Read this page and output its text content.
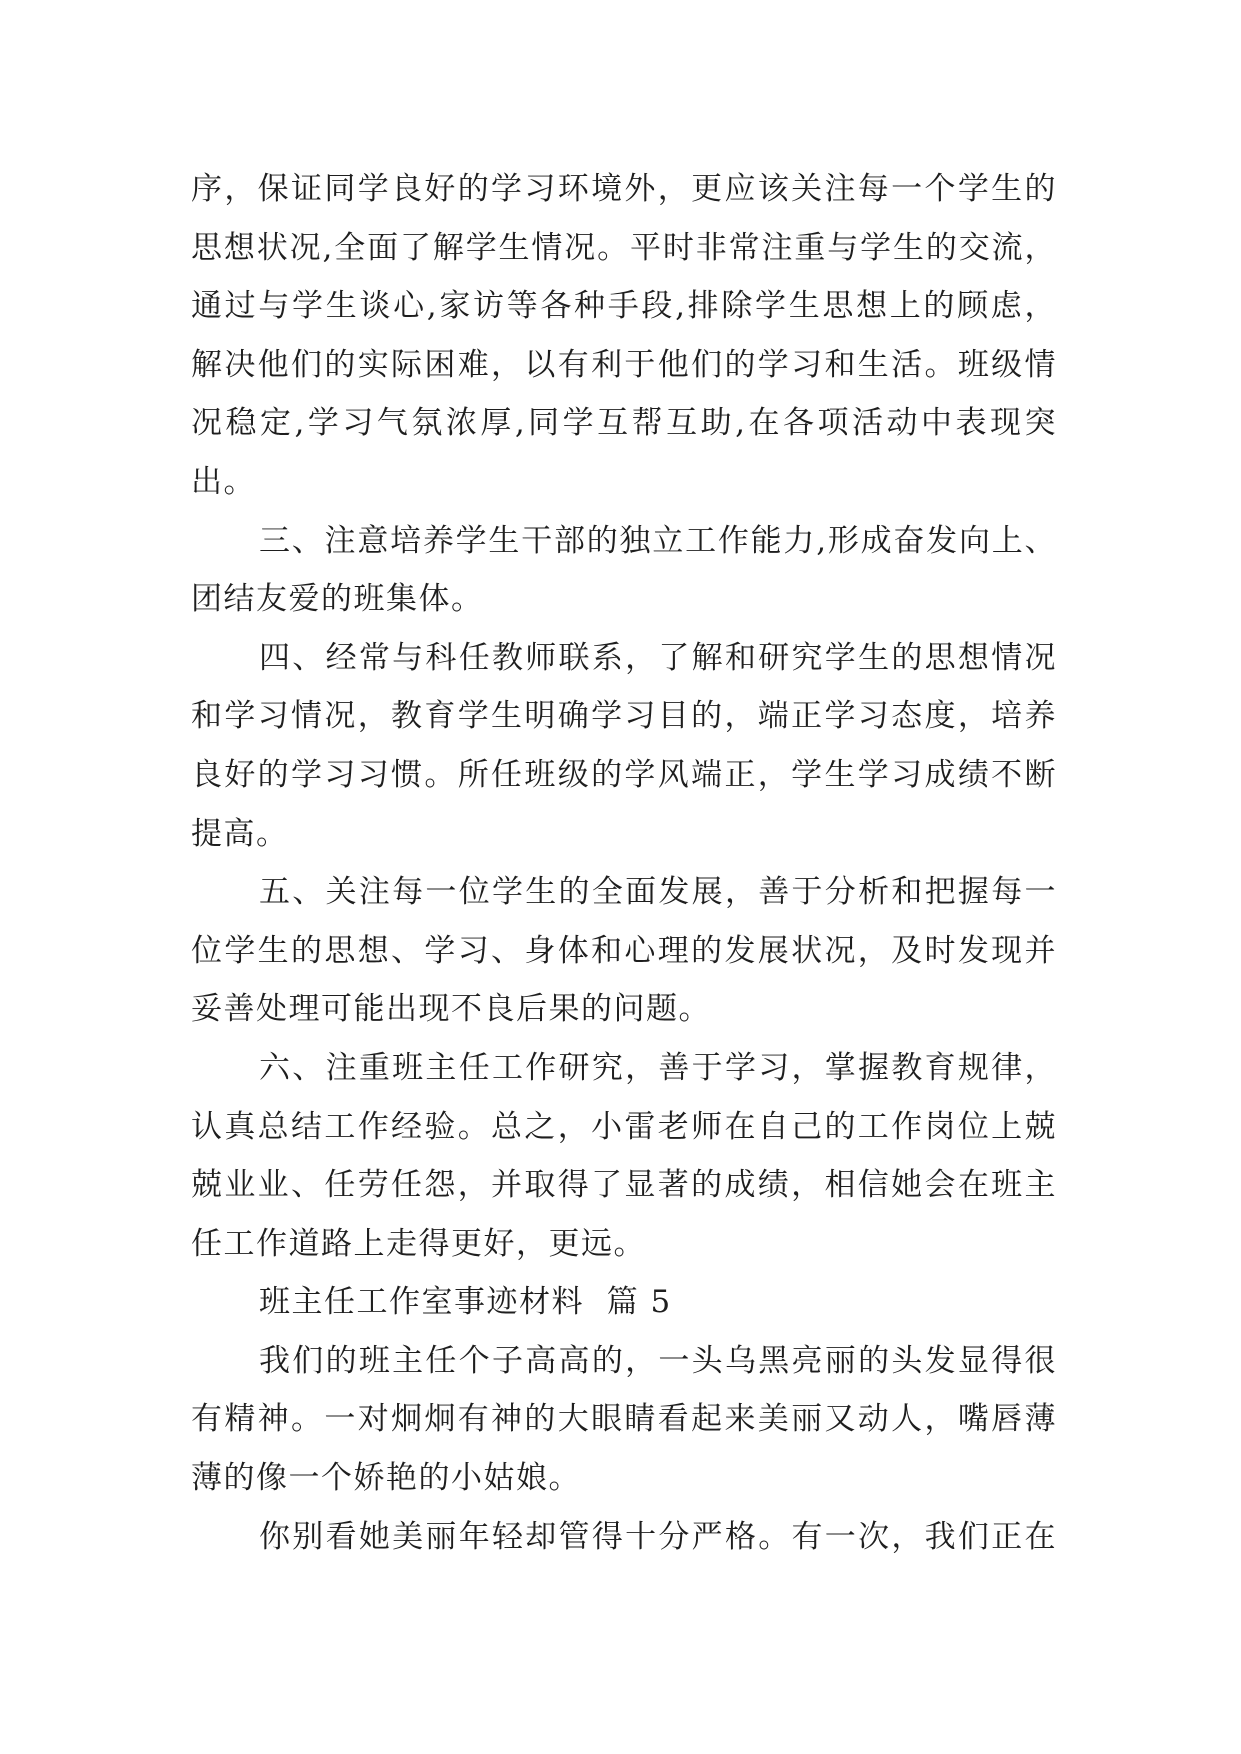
序，保证同学良好的学习环境外，更应该关注每一个学生的
思想状况,全面了解学生情况。平时非常注重与学生的交流，
通过与学生谈心,家访等各种手段,排除学生思想上的顾虑，
解决他们的实际困难，以有利于他们的学习和生活。班级情
况稳定,学习气氛浓厚,同学互帮互助,在各项活动中表现突
出。
三、注意培养学生干部的独立工作能力,形成奋发向上、
团结友爱的班集体。
四、经常与科任教师联系，了解和研究学生的思想情况
和学习情况，教育学生明确学习目的，端正学习态度，培养
良好的学习习惯。所任班级的学风端正，学生学习成绩不断
提高。
五、关注每一位学生的全面发展，善于分析和把握每一
位学生的思想、学习、身体和心理的发展状况，及时发现并
妥善处理可能出现不良后果的问题。
六、注重班主任工作研究，善于学习，掌握教育规律，
认真总结工作经验。总之，小雷老师在自己的工作岗位上兢
兢业业、任劳任怨，并取得了显著的成绩，相信她会在班主
任工作道路上走得更好，更远。
班主任工作室事迹材料  篇 5
我们的班主任个子高高的，一头乌黑亮丽的头发显得很
有精神。一对炯炯有神的大眼睛看起来美丽又动人，嘴唇薄
薄的像一个娇艳的小姑娘。
你别看她美丽年轻却管得十分严格。有一次，我们正在
